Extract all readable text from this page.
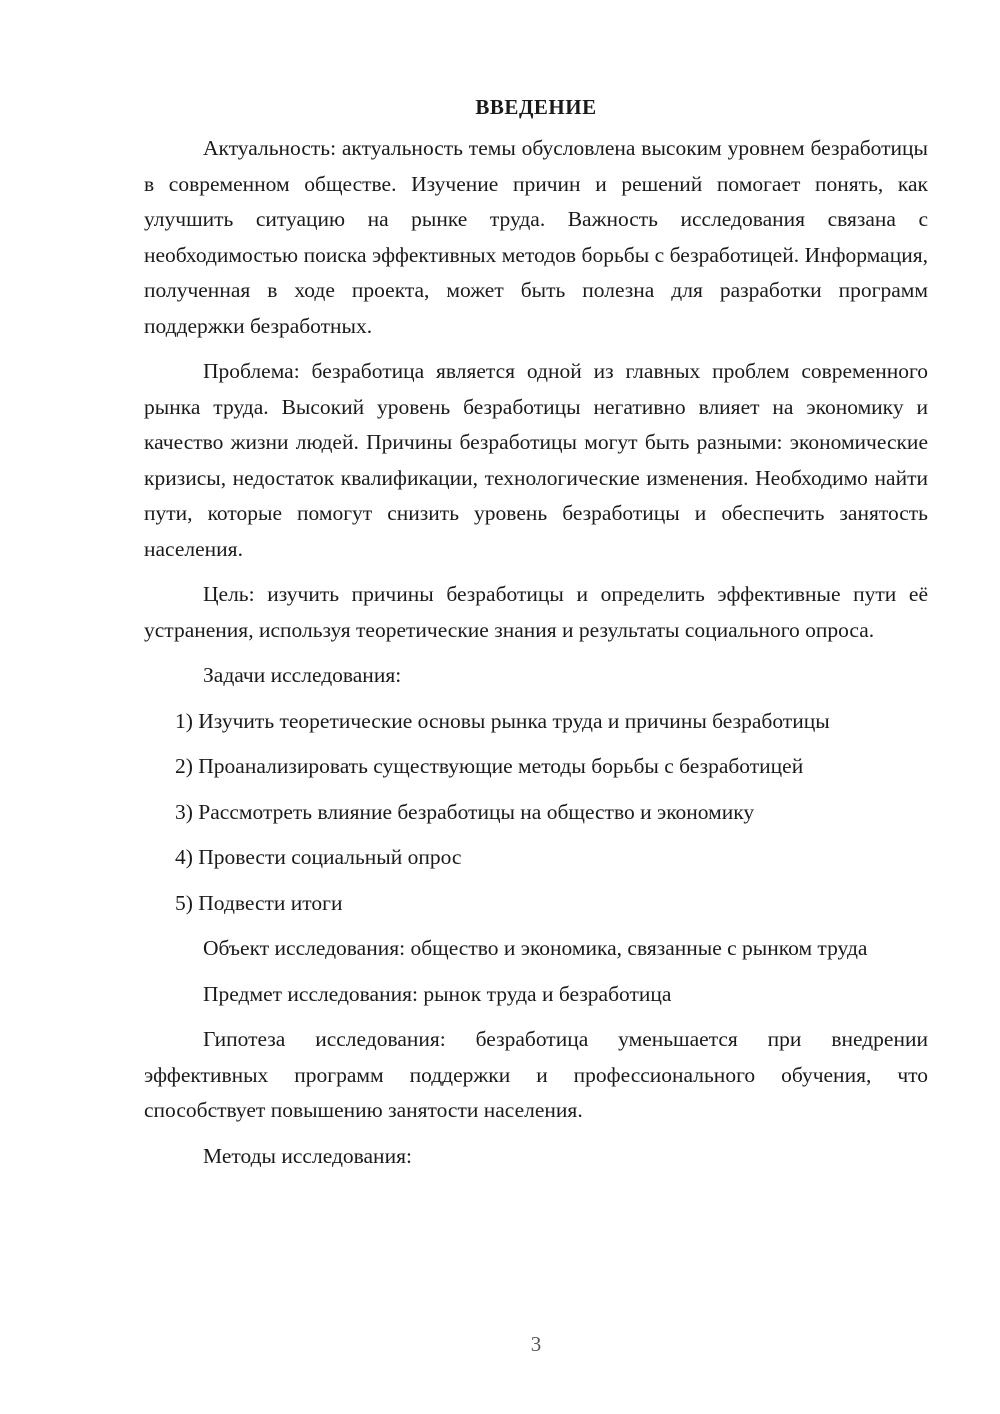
ВВЕДЕНИЕ

Актуальность: актуальность темы обусловлена высоким уровнем безработицы в современном обществе. Изучение причин и решений помогает понять, как улучшить ситуацию на рынке труда. Важность исследования связана с необходимостью поиска эффективных методов борьбы с безработицей. Информация, полученная в ходе проекта, может быть полезна для разработки программ поддержки безработных.

Проблема: безработица является одной из главных проблем современного рынка труда. Высокий уровень безработицы негативно влияет на экономику и качество жизни людей. Причины безработицы могут быть разными: экономические кризисы, недостаток квалификации, технологические изменения. Необходимо найти пути, которые помогут снизить уровень безработицы и обеспечить занятость населения.

Цель: изучить причины безработицы и определить эффективные пути её устранения, используя теоретические знания и результаты социального опроса.

Задачи исследования:

1) Изучить теоретические основы рынка труда и причины безработицы

2) Проанализировать существующие методы борьбы с безработицей

3) Рассмотреть влияние безработицы на общество и экономику

4) Провести социальный опрос

5) Подвести итоги

Объект исследования: общество и экономика, связанные с рынком труда

Предмет исследования: рынок труда и безработица

Гипотеза исследования: безработица уменьшается при внедрении эффективных программ поддержки и профессионального обучения, что способствует повышению занятости населения.

Методы исследования:

3
